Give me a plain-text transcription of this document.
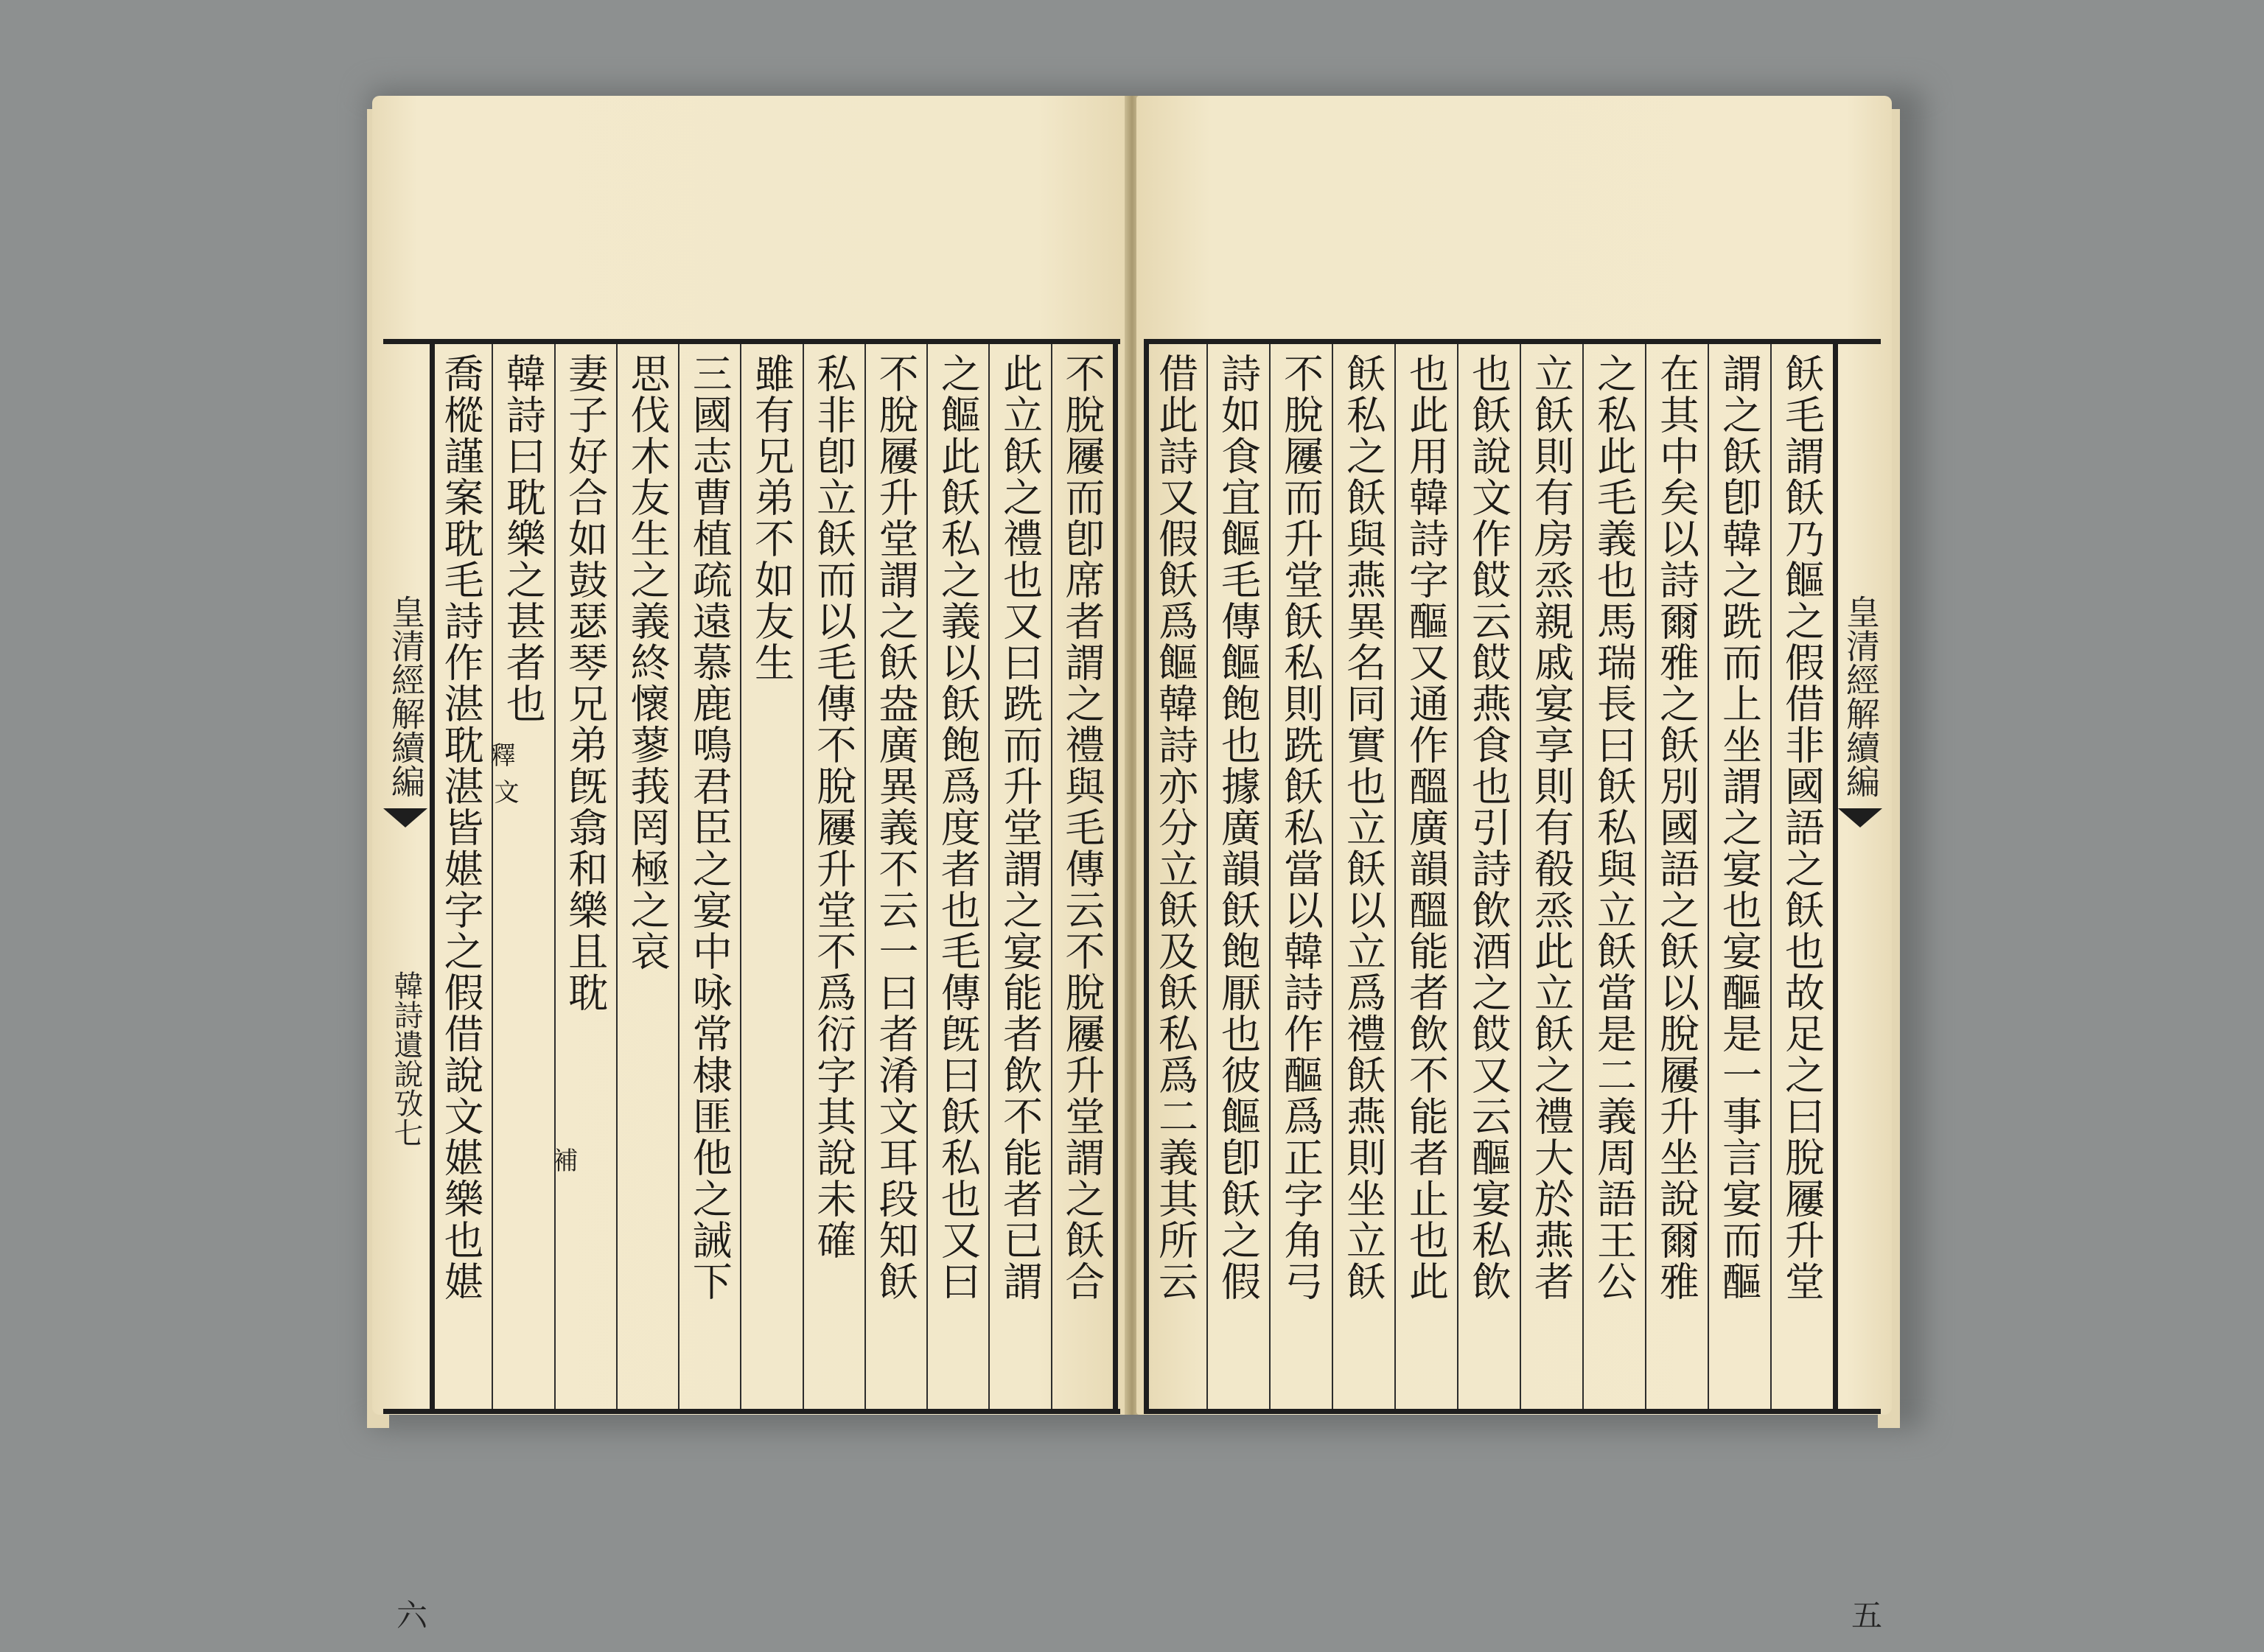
不脫屨而卽席者謂之禮與毛傳云不脫屨升堂謂之飫合
此立飫之禮也又曰跣而升堂謂之宴能者飲不能者已謂
之饇此飫私之義以飫飽爲度者也毛傳旣曰飫私也又曰
不脫屨升堂謂之飫盎廣異義不云一曰者淆文耳段知飫
私非卽立飫而以毛傳不脫屨升堂不爲衍字其說未確
雖有兄弟不如友生
三國志曹植疏遠慕鹿鳴君臣之宴中咏常棣匪他之誡下
思伐木友生之義終懷蓼莪罔極之哀
妻子好合如鼓瑟琴兄弟旣翕和樂且耽
韓詩曰耽樂之甚者也
喬樅謹案耽毛詩作湛耽湛皆媅字之假借說文媅樂也媅
皇清經解續編
韓詩遺說攷七
六
補
釋
文	飫毛謂飫乃饇之假借非國語之飫也故足之曰脫屨升堂
謂之飫卽韓之跣而上坐謂之宴也宴醧是一事言宴而醧
在其中矣以詩爾雅之飫別國語之飫以脫屨升坐說爾雅
之私此毛義也馬瑞長曰飫私與立飫當是二義周語王公
立飫則有房烝親戚宴享則有殽烝此立飫之禮大於燕者
也飫說文作餀云餀燕食也引詩飲酒之餀又云醧宴私飲
也此用韓詩字醧又通作醞廣韻醞能者飲不能者止也此
飫私之飫與燕異名同實也立飫以立爲禮飫燕則坐立飫
不脫屨而升堂飫私則跣飫私當以韓詩作醧爲正字角弓
詩如食宜饇毛傳饇飽也據廣韻飫飽厭也彼饇卽飫之假
借此詩又假飫爲饇韓詩亦分立飫及飫私爲二義其所云	皇清經解續編
五
